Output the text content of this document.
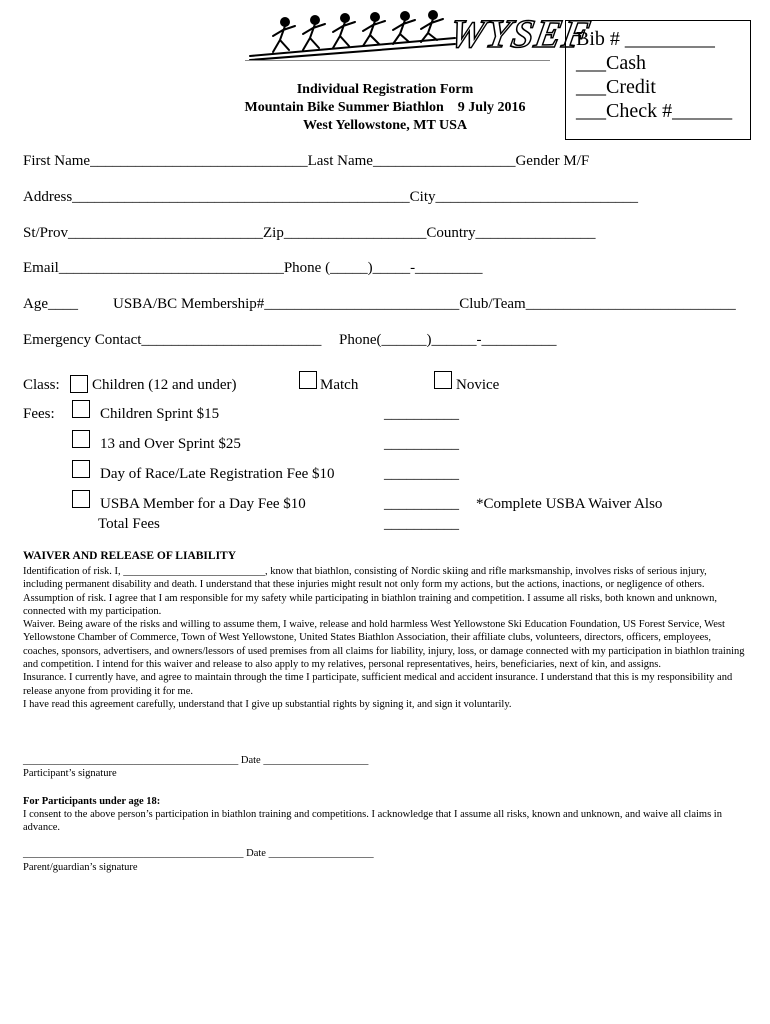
WYSEF
Individual Registration Form
Mountain Bike Summer Biathlon    9 July 2016
West Yellowstone, MT USA
Bib # _________
___Cash
___Credit
___Check #______
First Name_____________________________Last Name___________________Gender M/F
Address_____________________________________________City___________________________
St/Prov__________________________Zip___________________Country________________
Email______________________________Phone (_____)_____-_________
Age____ USBA/BC Membership#__________________________Club/Team____________________________
Emergency Contact________________________ Phone(______)______-__________
Class: Children (12 and under)	Match	Novice
Fees:	Children Sprint $15	__________
13 and Over Sprint $25	__________
Day of Race/Late Registration Fee $10	__________
USBA Member for a Day Fee $10	__________ *Complete USBA Waiver Also
Total Fees	__________
WAIVER AND RELEASE OF LIABILITY
Identification of risk. I, ___________________________, know that biathlon, consisting of Nordic skiing and rifle marksmanship, involves risks of serious injury, including permanent disability and death. I understand that these injuries might result not only form my actions, but the actions, inactions, or negligence of others.
Assumption of risk. I agree that I am responsible for my safety while participating in biathlon training and competition. I assume all risks, both known and unknown, connected with my participation.
Waiver. Being aware of the risks and willing to assume them, I waive, release and hold harmless West Yellowstone Ski Education Foundation, US Forest Service, West Yellowstone Chamber of Commerce, Town of West Yellowstone, United States Biathlon Association, their affiliate clubs, volunteers, directors, officers, employees, coaches, sponsors, advertisers, and owners/lessors of used premises from all claims for liability, injury, loss, or damage connected with my participation in biathlon training and competition. I intend for this waiver and release to also apply to my relatives, personal representatives, heirs, beneficiaries, next of kin, and assigns.
Insurance. I currently have, and agree to maintain through the time I participate, sufficient medical and accident insurance. I understand that this is my responsibility and release anyone from providing it for me.
I have read this agreement carefully, understand that I give up substantial rights by signing it, and sign it voluntarily.
_________________________________________ Date ____________________
Participant’s signature
For Participants under age 18:
I consent to the above person’s participation in biathlon training and competitions. I acknowledge that I assume all risks, known and unknown, and waive all claims in advance.
__________________________________________ Date ____________________
Parent/guardian’s signature
